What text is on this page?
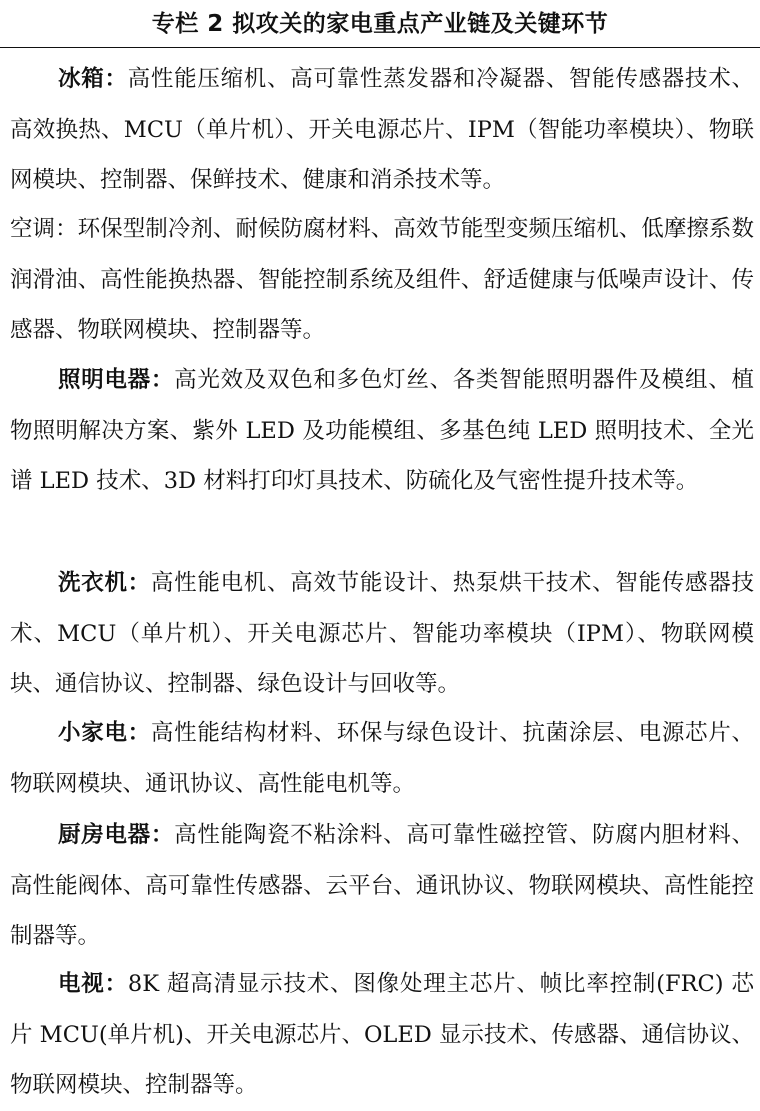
专栏 2 拟攻关的家电重点产业链及关键环节

冰箱：高性能压缩机、高可靠性蒸发器和冷凝器、智能传感器技术、高效换热、MCU（单片机）、开关电源芯片、IPM（智能功率模块）、物联网模块、控制器、保鲜技术、健康和消杀技术等。

空调：环保型制冷剂、耐候防腐材料、高效节能型变频压缩机、低摩擦系数润滑油、高性能换热器、智能控制系统及组件、舒适健康与低噪声设计、传感器、物联网模块、控制器等。

照明电器：高光效及双色和多色灯丝、各类智能照明器件及模组、植物照明解决方案、紫外 LED 及功能模组、多基色纯 LED 照明技术、全光谱 LED 技术、3D 材料打印灯具技术、防硫化及气密性提升技术等。

洗衣机：高性能电机、高效节能设计、热泵烘干技术、智能传感器技术、MCU（单片机）、开关电源芯片、智能功率模块（IPM）、物联网模块、通信协议、控制器、绿色设计与回收等。

小家电：高性能结构材料、环保与绿色设计、抗菌涂层、电源芯片、物联网模块、通讯协议、高性能电机等。

厨房电器：高性能陶瓷不粘涂料、高可靠性磁控管、防腐内胆材料、高性能阀体、高可靠性传感器、云平台、通讯协议、物联网模块、高性能控制器等。

电视：8K 超高清显示技术、图像处理主芯片、帧比率控制(FRC) 芯片 MCU(单片机)、开关电源芯片、OLED 显示技术、传感器、通信协议、物联网模块、控制器等。
